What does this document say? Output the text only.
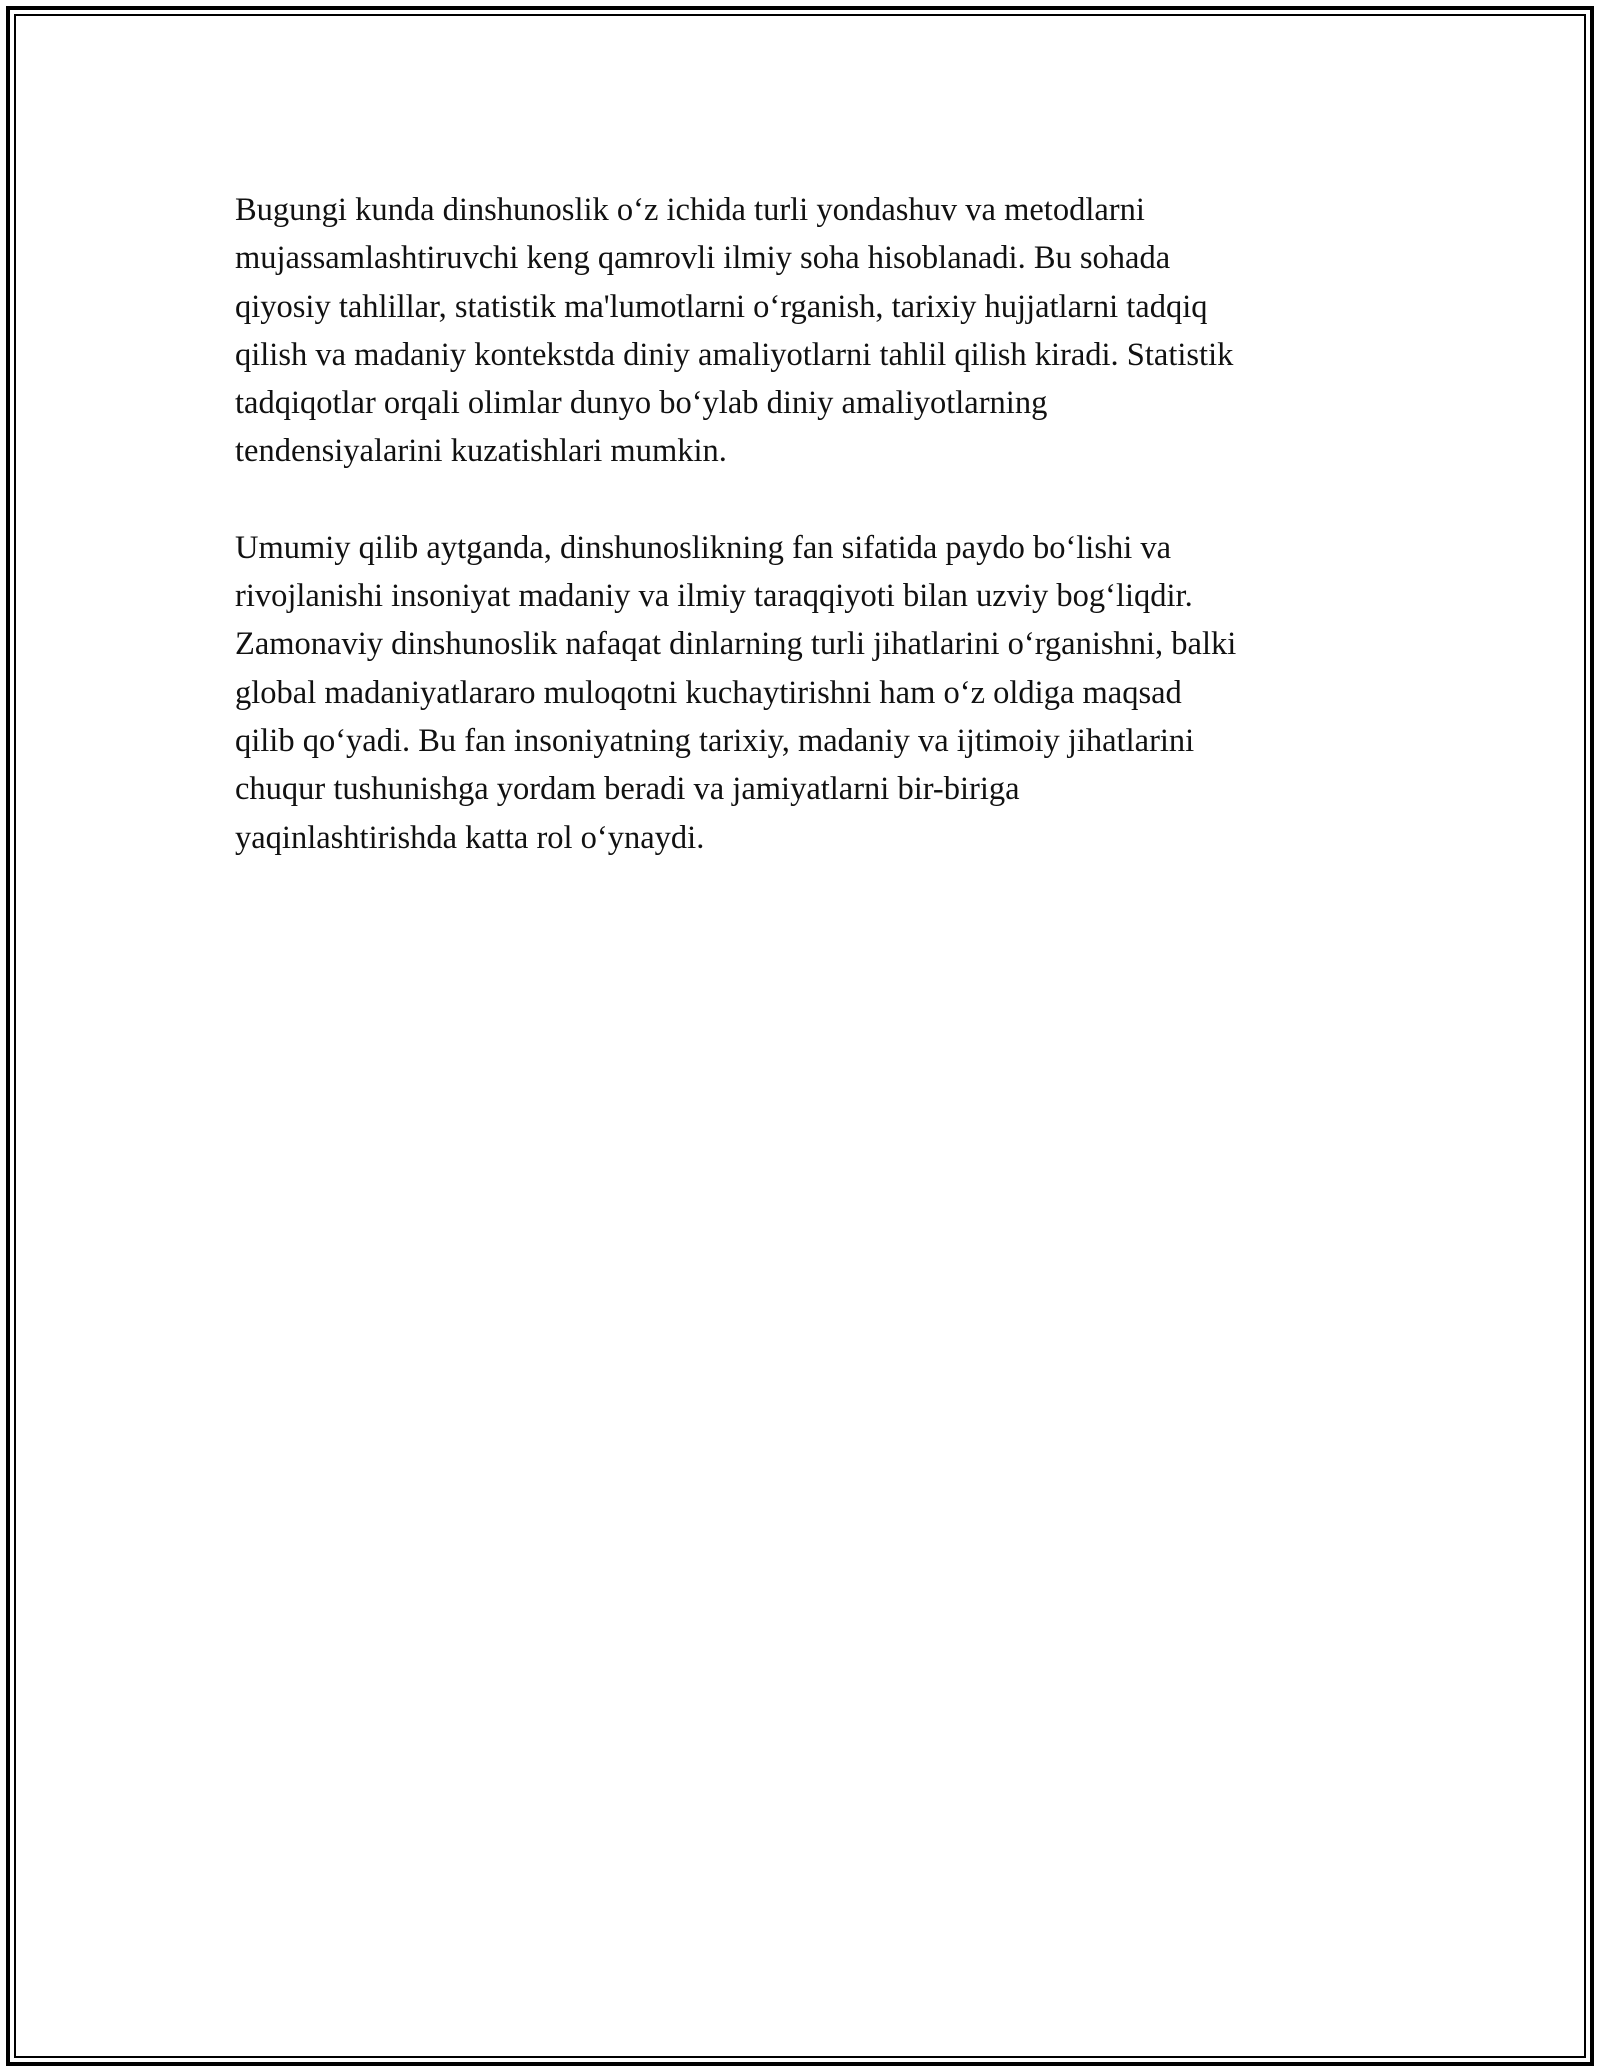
Bugungi kunda dinshunoslik o‘z ichida turli yondashuv va metodlarni
mujassamlashtiruvchi keng qamrovli ilmiy soha hisoblanadi. Bu sohada
qiyosiy tahlillar, statistik ma'lumotlarni o‘rganish, tarixiy hujjatlarni tadqiq
qilish va madaniy kontekstda diniy amaliyotlarni tahlil qilish kiradi. Statistik
tadqiqotlar orqali olimlar dunyo bo‘ylab diniy amaliyotlarning
tendensiyalarini kuzatishlari mumkin.

Umumiy qilib aytganda, dinshunoslikning fan sifatida paydo bo‘lishi va
rivojlanishi insoniyat madaniy va ilmiy taraqqiyoti bilan uzviy bog‘liqdir.
Zamonaviy dinshunoslik nafaqat dinlarning turli jihatlarini o‘rganishni, balki
global madaniyatlararo muloqotni kuchaytirishni ham o‘z oldiga maqsad
qilib qo‘yadi. Bu fan insoniyatning tarixiy, madaniy va ijtimoiy jihatlarini
chuqur tushunishga yordam beradi va jamiyatlarni bir-biriga
yaqinlashtirishda katta rol o‘ynaydi.
